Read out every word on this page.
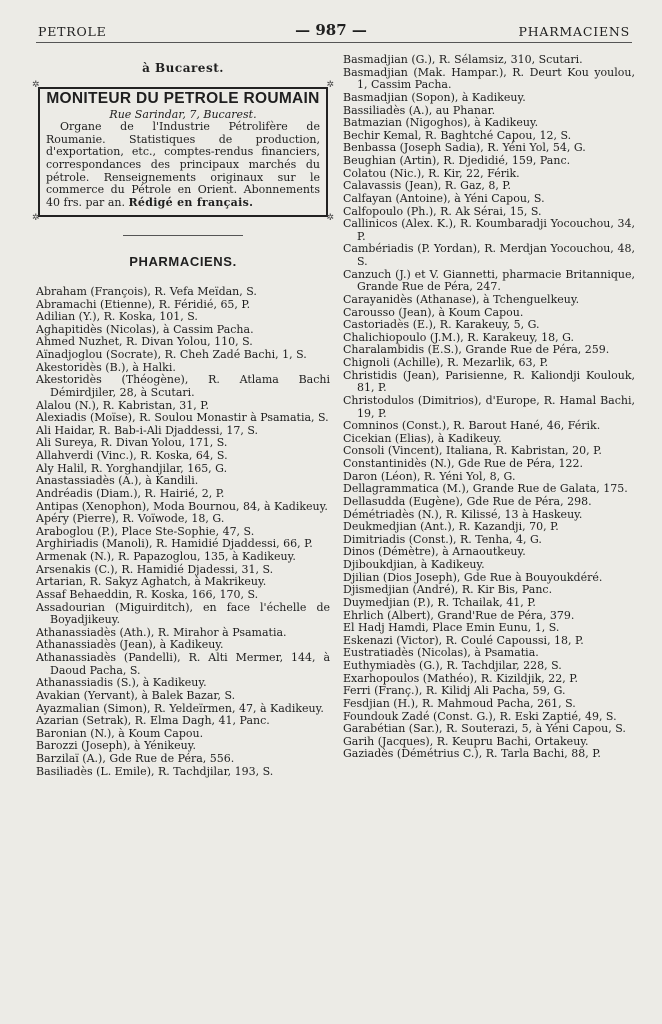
PETROLE	— 987 —	PHARMACIENS
à Bucarest.
✲	✲
✲	✲
MONITEUR DU PETROLE ROUMAIN
Rue Sarindar, 7, Bucarest.
Organe de l'Industrie Pétrolifère de Roumanie. Statistiques de production, d'exportation, etc., comptes-rendus financiers, correspondances des principaux marchés du pétrole. Renseignements originaux sur le commerce du Pétrole en Orient. Abonnements 40 frs. par an. Rédigé en français.
PHARMACIENS.
Abraham (François), R. Vefa Meïdan, S.
Abramachi (Etienne), R. Féridié, 65, P.
Adilian (Y.), R. Koska, 101, S.
Aghapitidès (Nicolas), à Cassim Pacha.
Ahmed Nuzhet, R. Divan Yolou, 110, S.
Aïnadjoglou (Socrate), R. Cheh Zadé Bachi, 1, S.
Akestoridès (B.), à Halki.
Akestoridès (Théogène), R. Atlama Bachi Démirdjiler, 28, à Scutari.
Alalou (N.), R. Kabristan, 31, P.
Alexiadis (Moïse), R. Soulou Monastir à Psamatia, S.
Ali Haidar, R. Bab-i-Ali Djaddessi, 17, S.
Ali Sureya, R. Divan Yolou, 171, S.
Allahverdi (Vinc.), R. Koska, 64, S.
Aly Halil, R. Yorghandjilar, 165, G.
Anastassiadès (A.), à Kandili.
Andréadis (Diam.), R. Hairié, 2, P.
Antipas (Xenophon), Moda Bournou, 84, à Kadikeuy.
Apéry (Pierre), R. Voïwode, 18, G.
Araboglou (P.), Place Ste-Sophie, 47, S.
Arghiriadis (Manoli), R. Hamidié Djaddessi, 66, P.
Armenak (N.), R. Papazoglou, 135, à Kadikeuy.
Arsenakis (C.), R. Hamidié Djadessi, 31, S.
Artarian, R. Sakyz Aghatch, à Makrikeuy.
Assaf Behaeddin, R. Koska, 166, 170, S.
Assadourian (Miguirditch), en face l'échelle de Boyadjikeuy.
Athanassiadès (Ath.), R. Mirahor à Psamatia.
Athanassiadès (Jean), à Kadikeuy.
Athanassiadès (Pandelli), R. Alti Mermer, 144, à Daoud Pacha, S.
Athanassiadis (S.), à Kadikeuy.
Avakian (Yervant), à Balek Bazar, S.
Ayazmalian (Simon), R. Yeldeïrmen, 47, à Kadikeuy.
Azarian (Setrak), R. Elma Dagh, 41, Panc.
Baronian (N.), à Koum Capou.
Barozzi (Joseph), à Yénikeuy.
Barzilaï (A.), Gde Rue de Péra, 556.
Basiliadès (L. Emile), R. Tachdjilar, 193, S.
Basmadjian (G.), R. Sélamsiz, 310, Scutari.
Basmadjian (Mak. Hampar.), R. Deurt Kou youlou, 1, Cassim Pacha.
Basmadjian (Sopon), à Kadikeuy.
Bassiliadès (A.), au Phanar.
Batmazian (Nigoghos), à Kadikeuy.
Bechir Kemal, R. Baghtché Capou, 12, S.
Benbassa (Joseph Sadia), R. Yéni Yol, 54, G.
Beughian (Artin), R. Djedidié, 159, Panc.
Colatou (Nic.), R. Kir, 22, Férik.
Calavassis (Jean), R. Gaz, 8, P.
Calfayan (Antoine), à Yéni Capou, S.
Calfopoulo (Ph.), R. Ak Sérai, 15, S.
Callinicos (Alex. K.), R. Koumbaradji Yocouchou, 34, P.
Cambériadis (P. Yordan), R. Merdjan Yocouchou, 48, S.
Canzuch (J.) et V. Giannetti, pharmacie Britannique, Grande Rue de Péra, 247.
Carayanidès (Athanase), à Tchenguelkeuy.
Carousso (Jean), à Koum Capou.
Castoriadès (E.), R. Karakeuy, 5, G.
Chalichiopoulo (J.M.), R. Karakeuy, 18, G.
Charalambidis (E.S.), Grande Rue de Péra, 259.
Chignoli (Achille), R. Mezarlik, 63, P.
Christidis (Jean), Parisienne, R. Kaliondji Koulouk, 81, P.
Christodulos (Dimitrios), d'Europe, R. Hamal Bachi, 19, P.
Comninos (Const.), R. Barout Hané, 46, Férik.
Cicekian (Elias), à Kadikeuy.
Consoli (Vincent), Italiana, R. Kabristan, 20, P.
Constantinidès (N.), Gde Rue de Péra, 122.
Daron (Léon), R. Yéni Yol, 8, G.
Dellagrammatica (M.), Grande Rue de Galata, 175.
Dellasudda (Eugène), Gde Rue de Péra, 298.
Démétriadès (N.), R. Kilissé, 13 à Haskeuy.
Deukmedjian (Ant.), R. Kazandji, 70, P.
Dimitriadis (Const.), R. Tenha, 4, G.
Dinos (Démètre), à Arnaoutkeuy.
Djiboukdjian, à Kadikeuy.
Djilian (Dios Joseph), Gde Rue à Bouyoukdéré.
Djismedjian (André), R. Kir Bis, Panc.
Duymedjian (P.), R. Tchailak, 41, P.
Ehrlich (Albert), Grand'Rue de Péra, 379.
El Hadj Hamdi, Place Emin Eunu, 1, S.
Eskenazi (Victor), R. Coulé Capoussi, 18, P.
Eustratiadès (Nicolas), à Psamatia.
Euthymiadès (G.), R. Tachdjilar, 228, S.
Exarhopoulos (Mathéo), R. Kizildjik, 22, P.
Ferri (Franç.), R. Kilidj Ali Pacha, 59, G.
Fesdjian (H.), R. Mahmoud Pacha, 261, S.
Foundouk Zadé (Const. G.), R. Eski Zaptié, 49, S.
Garabétian (Sar.), R. Souterazi, 5, à Yéni Capou, S.
Garih (Jacques), R. Keupru Bachi, Ortakeuy.
Gaziadès (Démétrius C.), R. Tarla Bachi, 88, P.
